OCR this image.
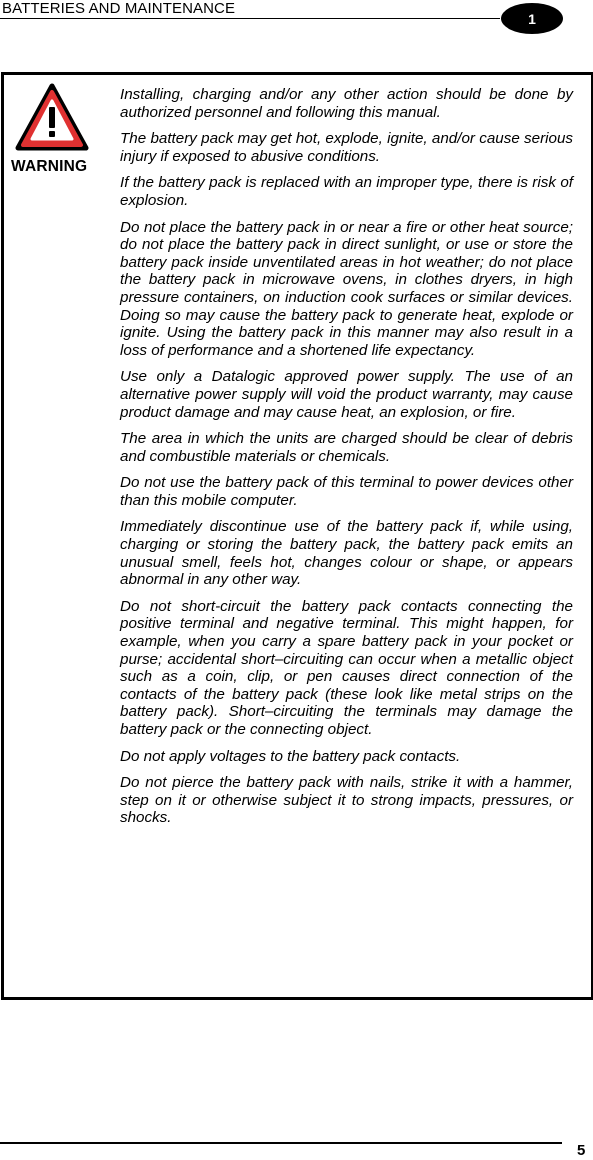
BATTERIES AND MAINTENANCE
1
WARNING

Installing, charging and/or any other action should be done by authorized personnel and following this manual.

The battery pack may get hot, explode, ignite, and/or cause serious injury if exposed to abusive conditions.

If the battery pack is replaced with an improper type, there is risk of explosion.

Do not place the battery pack in or near a fire or other heat source; do not place the battery pack in direct sunlight, or use or store the battery pack inside unventilated areas in hot weather; do not place the battery pack in microwave ovens, in clothes dryers, in high pressure containers, on induction cook surfaces or similar devices. Doing so may cause the battery pack to generate heat, explode or ignite. Using the battery pack in this manner may also result in a loss of performance and a shortened life expectancy.

Use only a Datalogic approved power supply. The use of an alternative power supply will void the product warranty, may cause product damage and may cause heat, an explosion, or fire.

The area in which the units are charged should be clear of debris and combustible materials or chemicals.

Do not use the battery pack of this terminal to power devices other than this mobile computer.

Immediately discontinue use of the battery pack if, while using, charging or storing the battery pack, the battery pack emits an unusual smell, feels hot, changes colour or shape, or appears abnormal in any other way.

Do not short-circuit the battery pack contacts connecting the positive terminal and negative terminal. This might happen, for example, when you carry a spare battery pack in your pocket or purse; accidental short–circuiting can occur when a metallic object such as a coin, clip, or pen causes direct connection of the contacts of the battery pack (these look like metal strips on the battery pack). Short–circuiting the terminals may damage the battery pack or the connecting object.

Do not apply voltages to the battery pack contacts.

Do not pierce the battery pack with nails, strike it with a hammer, step on it or otherwise subject it to strong impacts, pressures, or shocks.

5
